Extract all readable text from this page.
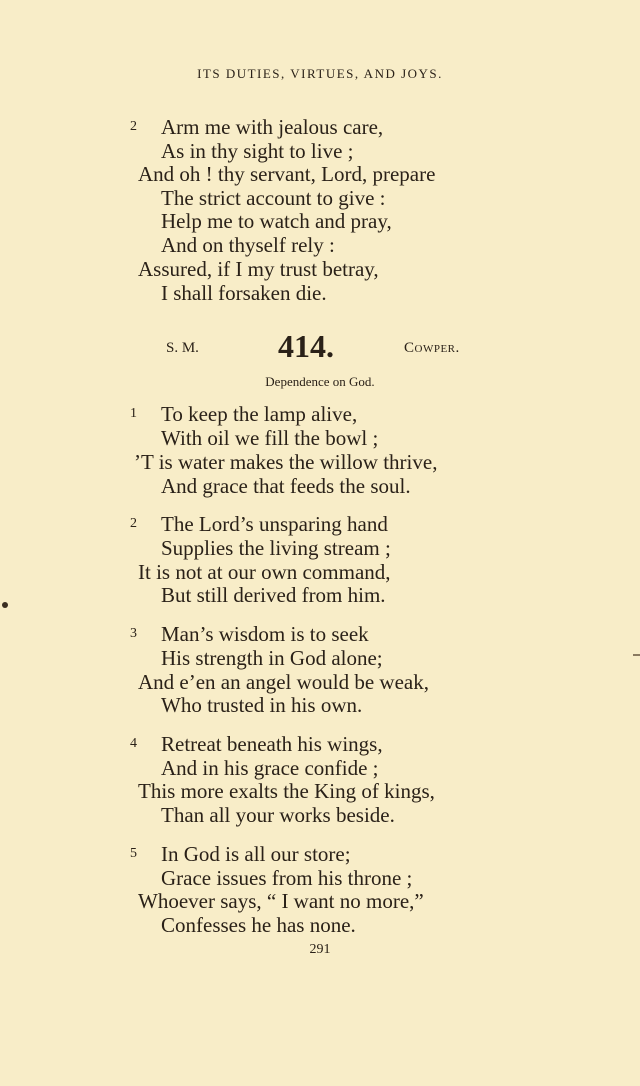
ITS DUTIES, VIRTUES, AND JOYS.
2 Arm me with jealous care,
As in thy sight to live ;
And oh ! thy servant, Lord, prepare
The strict account to give :
Help me to watch and pray,
And on thyself rely :
Assured, if I my trust betray,
I shall forsaken die.
S. M. 414.	Cowper.
Dependence on God.
1 To keep the lamp alive,
With oil we fill the bowl ;
’T is water makes the willow thrive,
And grace that feeds the soul.
2 The Lord’s unsparing hand
Supplies the living stream ;
It is not at our own command,
But still derived from him.
3 Man’s wisdom is to seek
His strength in God alone;
And e’en an angel would be weak,
Who trusted in his own.
4 Retreat beneath his wings,
And in his grace confide ;
This more exalts the King of kings,
Than all your works beside.
5 In God is all our store;
Grace issues from his throne ;
Whoever says, “ I want no more,”
Confesses he has none.
291
